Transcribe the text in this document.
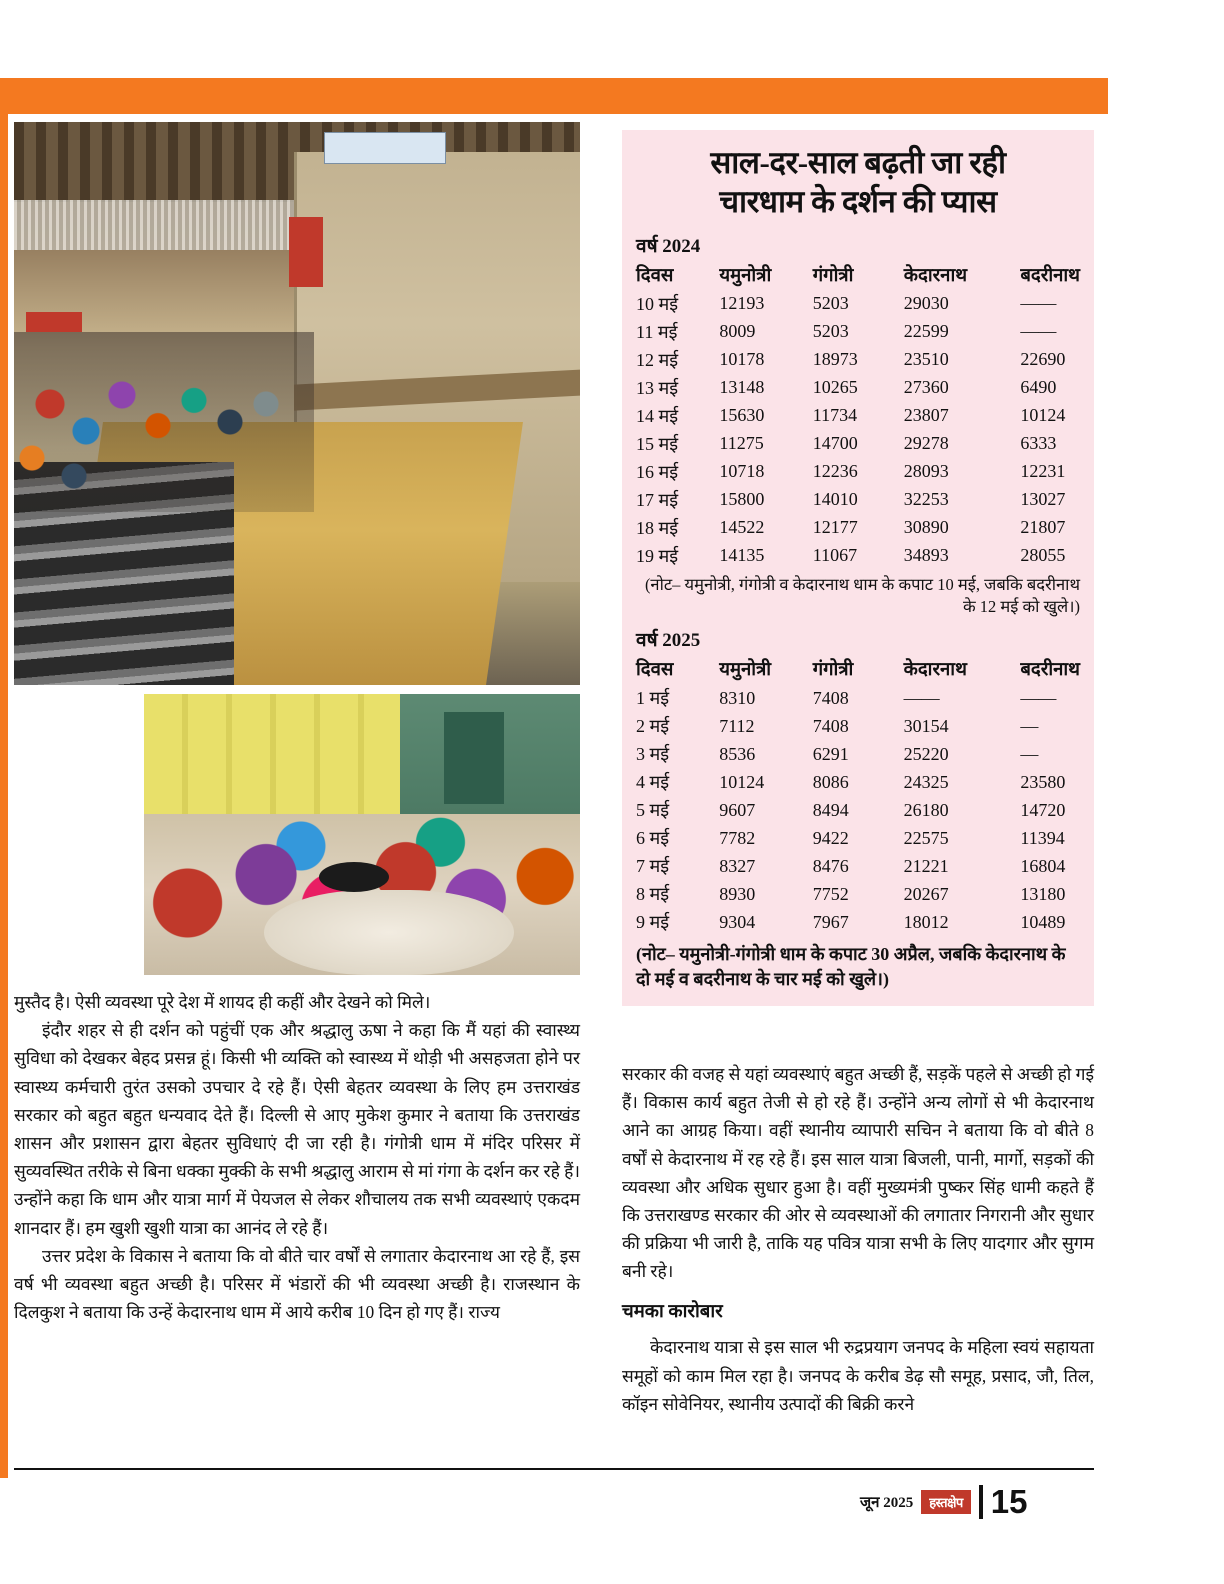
साल-दर-साल बढ़ती जा रही
चारधाम के दर्शन की प्यास
वर्ष 2024
दिवस	यमुनोत्री	गंगोत्री	केदारनाथ	बदरीनाथ
10 मई	12193	5203	29030	——
11 मई	8009	5203	22599	——
12 मई	10178	18973	23510	22690
13 मई	13148	10265	27360	6490
14 मई	15630	11734	23807	10124
15 मई	11275	14700	29278	6333
16 मई	10718	12236	28093	12231
17 मई	15800	14010	32253	13027
18 मई	14522	12177	30890	21807
19 मई	14135	11067	34893	28055
(नोट– यमुनोत्री, गंगोत्री व केदारनाथ धाम के कपाट 10 मई, जबकि बदरीनाथ के 12 मई को खुले।)
वर्ष 2025
दिवस	यमुनोत्री	गंगोत्री	केदारनाथ	बदरीनाथ
1 मई	8310	7408	——	——
2 मई	7112	7408	30154	—
3 मई	8536	6291	25220	—
4 मई	10124	8086	24325	23580
5 मई	9607	8494	26180	14720
6 मई	7782	9422	22575	11394
7 मई	8327	8476	21221	16804
8 मई	8930	7752	20267	13180
9 मई	9304	7967	18012	10489
(नोट– यमुनोत्री-गंगोत्री धाम के कपाट 30 अप्रैल, जबकि केदारनाथ के दो मई व बदरीनाथ के चार मई को खुले।)

मुस्तैद है। ऐसी व्यवस्था पूरे देश में शायद ही कहीं और देखने को मिले।

इंदौर शहर से ही दर्शन को पहुंचीं एक और श्रद्धालु ऊषा ने कहा कि मैं यहां की स्वास्थ्य सुविधा को देखकर बेहद प्रसन्न हूं। किसी भी व्यक्ति को स्वास्थ्य में थोड़ी भी असहजता होने पर स्वास्थ्य कर्मचारी तुरंत उसको उपचार दे रहे हैं। ऐसी बेहतर व्यवस्था के लिए हम उत्तराखंड सरकार को बहुत बहुत धन्यवाद देते हैं। दिल्ली से आए मुकेश कुमार ने बताया कि उत्तराखंड शासन और प्रशासन द्वारा बेहतर सुविधाएं दी जा रही है। गंगोत्री धाम में मंदिर परिसर में सुव्यवस्थित तरीके से बिना धक्का मुक्की के सभी श्रद्धालु आराम से मां गंगा के दर्शन कर रहे हैं। उन्होंने कहा कि धाम और यात्रा मार्ग में पेयजल से लेकर शौचालय तक सभी व्यवस्थाएं एकदम शानदार हैं। हम खुशी खुशी यात्रा का आनंद ले रहे हैं।

उत्तर प्रदेश के विकास ने बताया कि वो बीते चार वर्षों से लगातार केदारनाथ आ रहे हैं, इस वर्ष भी व्यवस्था बहुत अच्छी है। परिसर में भंडारों की भी व्यवस्था अच्छी है। राजस्थान के दिलकुश ने बताया कि उन्हें केदारनाथ धाम में आये करीब 10 दिन हो गए हैं। राज्य

सरकार की वजह से यहां व्यवस्थाएं बहुत अच्छी हैं, सड़कें पहले से अच्छी हो गई हैं। विकास कार्य बहुत तेजी से हो रहे हैं। उन्होंने अन्य लोगों से भी केदारनाथ आने का आग्रह किया। वहीं स्थानीय व्यापारी सचिन ने बताया कि वो बीते 8 वर्षों से केदारनाथ में रह रहे हैं। इस साल यात्रा बिजली, पानी, मार्गो, सड़कों की व्यवस्था और अधिक सुधार हुआ है। वहीं मुख्यमंत्री पुष्कर सिंह धामी कहते हैं कि उत्तराखण्ड सरकार की ओर से व्यवस्थाओं की लगातार निगरानी और सुधार की प्रक्रिया भी जारी है, ताकि यह पवित्र यात्रा सभी के लिए यादगार और सुगम बनी रहे।

चमका कारोबार

केदारनाथ यात्रा से इस साल भी रुद्रप्रयाग जनपद के महिला स्वयं सहायता समूहों को काम मिल रहा है। जनपद के करीब डेढ़ सौ समूह, प्रसाद, जौ, तिल, कॉइन सोवेनियर, स्थानीय उत्पादों की बिक्री करने

जून 2025	हस्तक्षेप 15
